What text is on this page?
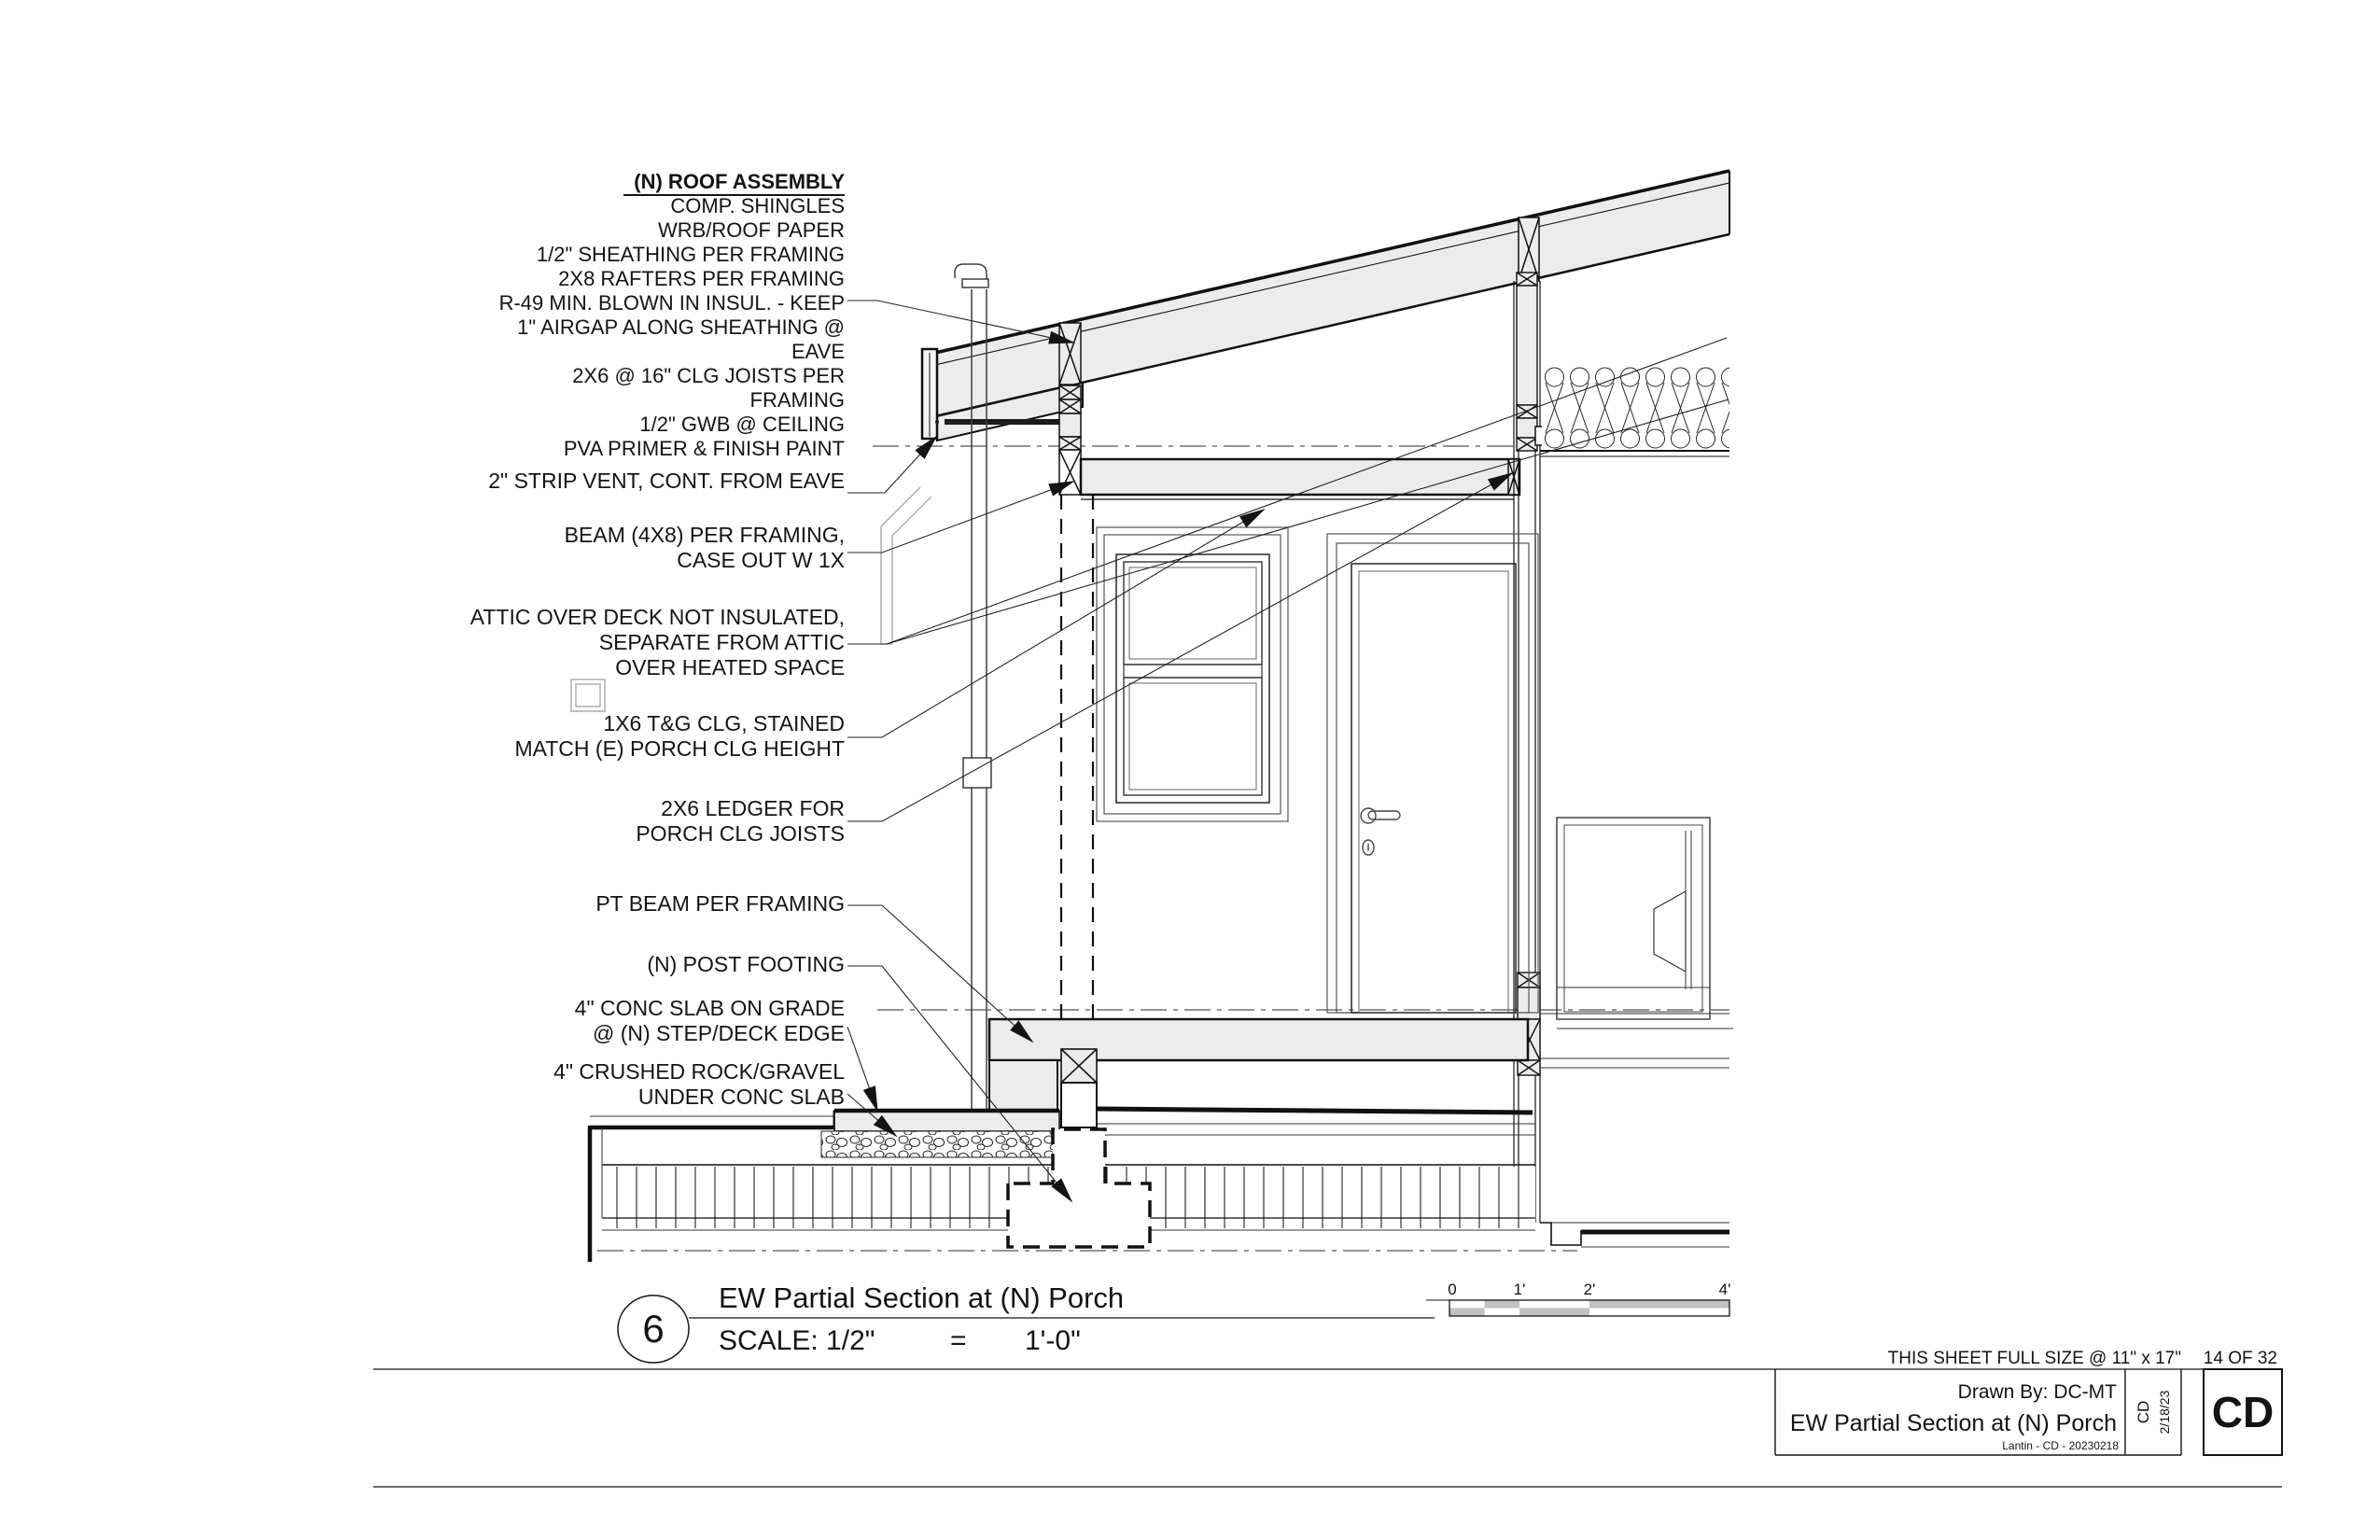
(N) ROOF ASSEMBLY
COMP. SHINGLES
WRB/ROOF PAPER
1/2" SHEATHING PER FRAMING
2X8 RAFTERS PER FRAMING
R-49 MIN. BLOWN IN INSUL. - KEEP
1" AIRGAP ALONG SHEATHING @
EAVE
2X6 @ 16" CLG JOISTS PER
FRAMING
1/2" GWB @ CEILING
PVA PRIMER & FINISH PAINT
2" STRIP VENT, CONT. FROM EAVE
BEAM (4X8) PER FRAMING,
CASE OUT W 1X
ATTIC OVER DECK NOT INSULATED,
SEPARATE FROM ATTIC
OVER HEATED SPACE
1X6 T&G CLG, STAINED
MATCH (E) PORCH CLG HEIGHT
2X6 LEDGER FOR
PORCH CLG JOISTS
PT BEAM PER FRAMING
(N) POST FOOTING
4" CONC SLAB ON GRADE
@ (N) STEP/DECK EDGE
4" CRUSHED ROCK/GRAVEL
UNDER CONC SLAB
6
EW Partial Section at (N) Porch
SCALE: 1/2"	= 1'-0"
0	1'	2'	4'
THIS SHEET FULL SIZE @ 11" x 17" 14 OF 32
Drawn By: DC-MT
EW Partial Section at (N) Porch
Lantin - CD - 20230218
CD 2/18/23 CD
